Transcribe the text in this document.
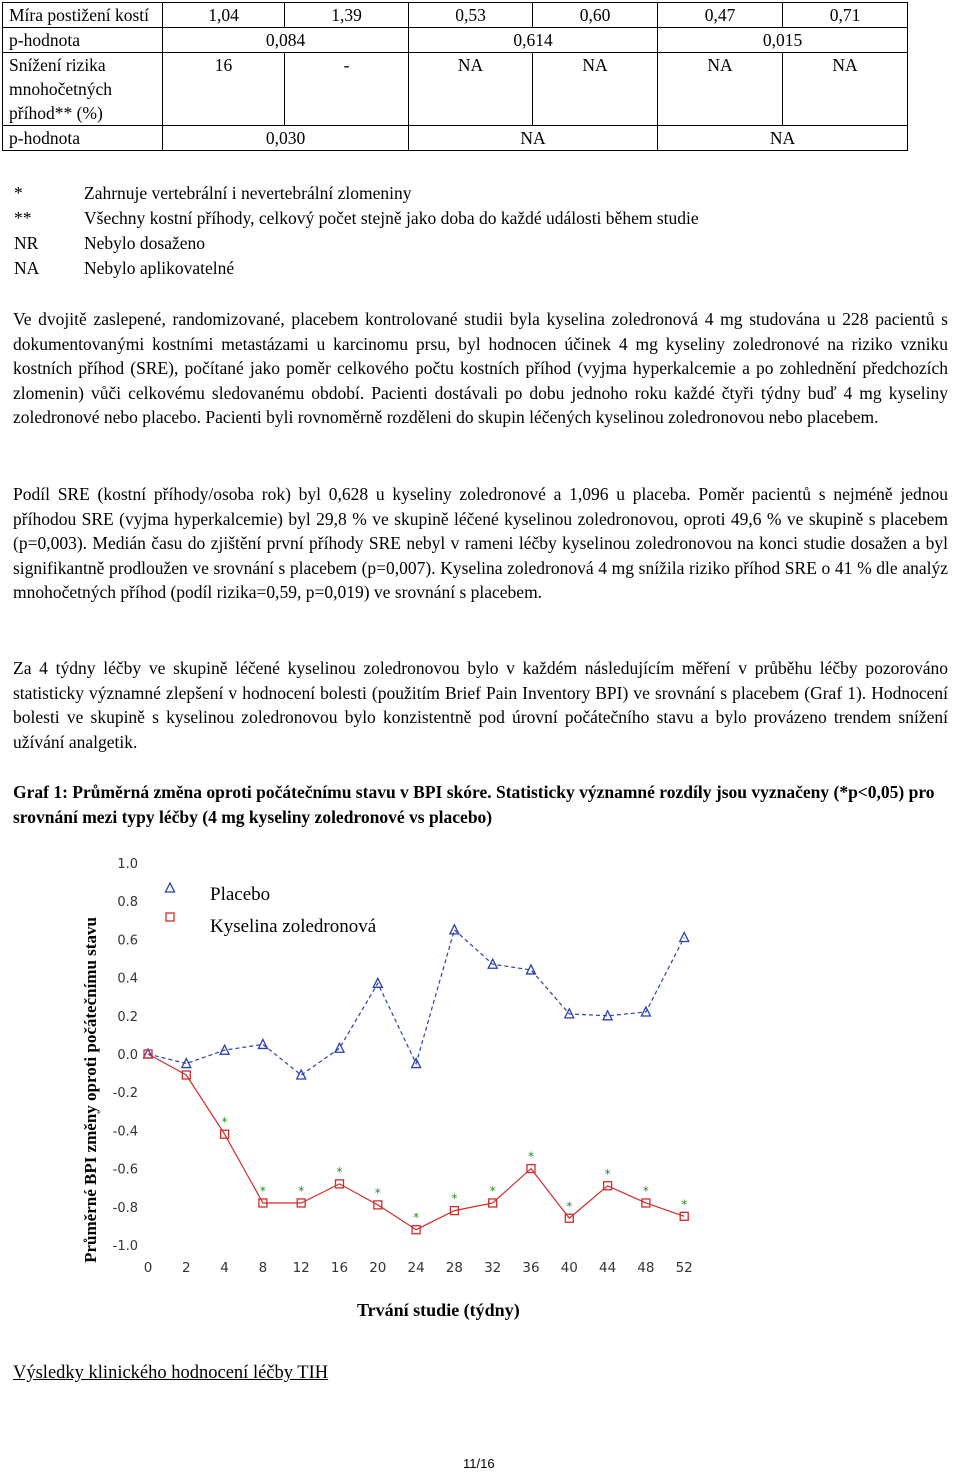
Míra postižení kostí	1,04	1,39	0,53	0,60	0,47	0,71
p-hodnota	0,084		0,614		0,015	
Snížení rizika mnohočetných příhod** (%)	16	-	NA	NA	NA	NA
p-hodnota	0,030		NA		NA	
*	Zahrnuje vertebrální i nevertebrální zlomeniny
**	Všechny kostní příhody, celkový počet stejně jako doba do každé události během studie
NR	Nebylo dosaženo
NA	Nebylo aplikovatelné

Ve dvojitě zaslepené, randomizované, placebem kontrolované studii byla kyselina zoledronová 4 mg studována u 228 pacientů s dokumentovanými kostními metastázami u karcinomu prsu, byl hodnocen účinek 4 mg kyseliny zoledronové na riziko vzniku kostních příhod (SRE), počítané jako poměr celkového počtu kostních příhod (vyjma hyperkalcemie a po zohlednění předchozích zlomenin) vůči celkovému sledovanému období. Pacienti dostávali po dobu jednoho roku každé čtyři týdny buď 4 mg kyseliny zoledronové nebo placebo. Pacienti byli rovnoměrně rozděleni do skupin léčených kyselinou zoledronovou nebo placebem.

Podíl SRE (kostní příhody/osoba rok) byl 0,628 u kyseliny zoledronové a 1,096 u placeba. Poměr pacientů s nejméně jednou příhodou SRE (vyjma hyperkalcemie) byl 29,8 % ve skupině léčené kyselinou zoledronovou, oproti 49,6 % ve skupině s placebem (p=0,003). Medián času do zjištění první příhody SRE nebyl v rameni léčby kyselinou zoledronovou na konci studie dosažen a byl signifikantně prodloužen ve srovnání s placebem (p=0,007). Kyselina zoledronová 4 mg snížila riziko příhod SRE o 41 % dle analýz mnohočetných příhod (podíl rizika=0,59, p=0,019) ve srovnání s placebem.

Za 4 týdny léčby ve skupině léčené kyselinou zoledronovou bylo v každém následujícím měření v průběhu léčby pozorováno statisticky významné zlepšení v hodnocení bolesti (použitím Brief Pain Inventory BPI) ve srovnání s placebem (Graf 1). Hodnocení bolesti ve skupině s kyselinou zoledronovou bylo konzistentně pod úrovní počátečního stavu a bylo provázeno trendem snížení užívání analgetik.

Graf 1: Průměrná změna oproti počátečnímu stavu v BPI skóre. Statisticky významné rozdíly jsou vyznačeny (*p<0,05) pro srovnání mezi typy léčby (4 mg kyseliny zoledronové vs placebo)
Průměrné BPI změny oproti počátečnímu stavu
1.0
0.8
0.6
0.4
0.2
0.0
-0.2
-0.4
-0.6
-0.8
-1.0
0 2 4 8 12 16 20 24 28 32 36 40 44 48 52
*
*	*
*
*
*
*
*
*
*
*
*
*
Placebo
Kyselina zoledronová
Trvání studie (týdny)
Výsledky klinického hodnocení léčby TIH
11/16
